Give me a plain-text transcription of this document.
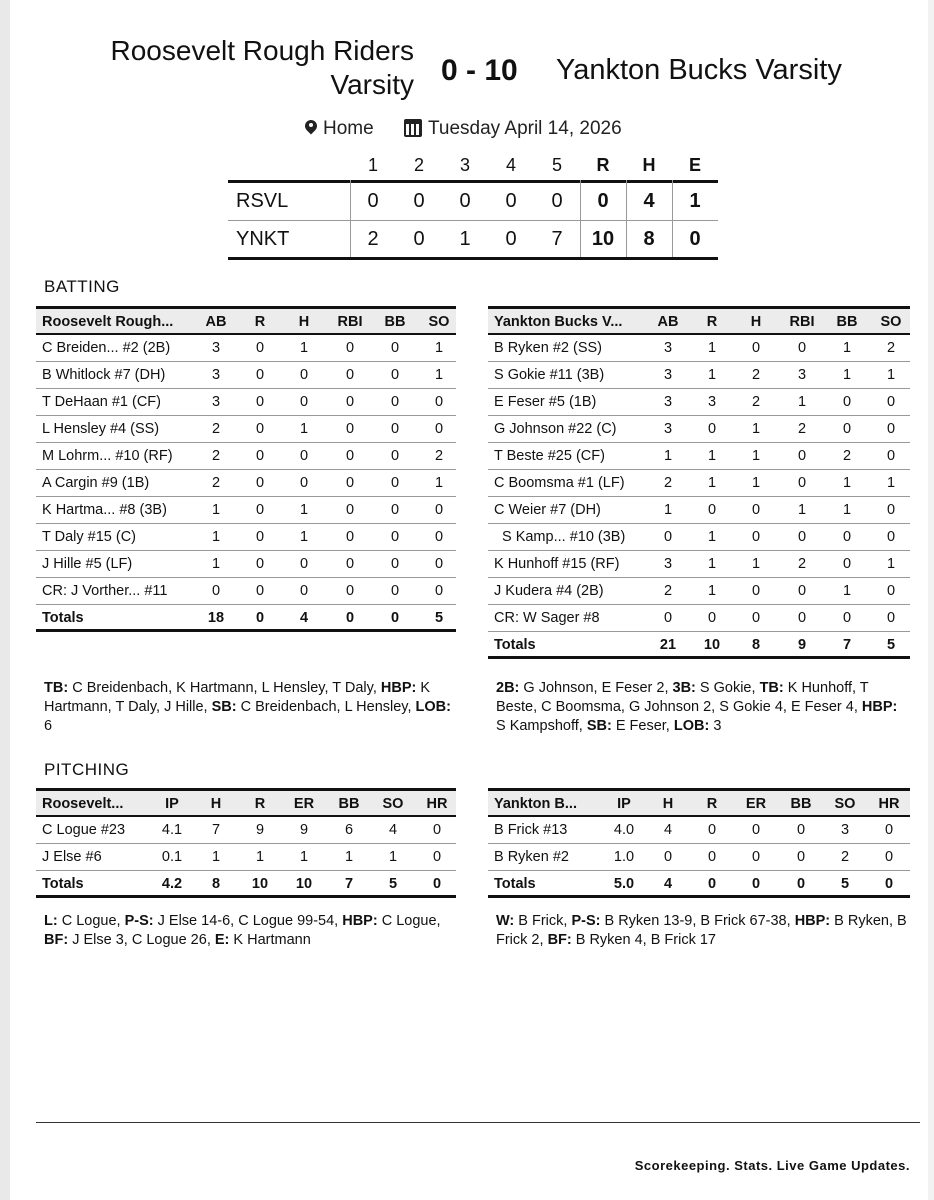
Roosevelt Rough Riders
Varsity 0 - 10 Yankton Bucks Varsity
Home	Tuesday April 14, 2026
1	2	3	4	5	R	H	E
RSVL	0	0	0	0	0	0	4	1
YNKT	2	0	1	0	7	10	8	0
BATTING
Roosevelt Rough...	AB	R	H	RBI	BB	SO
C Breiden... #2 (2B)	3	0	1	0	0	1
B Whitlock #7 (DH)	3	0	0	0	0	1
T DeHaan #1 (CF)	3	0	0	0	0	0
L Hensley #4 (SS)	2	0	1	0	0	0
M Lohrm... #10 (RF)	2	0	0	0	0	2
A Cargin #9 (1B)	2	0	0	0	0	1
K Hartma... #8 (3B)	1	0	1	0	0	0
T Daly #15 (C)	1	0	1	0	0	0
J Hille #5 (LF)	1	0	0	0	0	0
CR: J Vorther... #11	0	0	0	0	0	0
Totals	18	0	4	0	0	5
Yankton Bucks V...	AB	R	H	RBI	BB	SO
B Ryken #2 (SS)	3	1	0	0	1	2
S Gokie #11 (3B)	3	1	2	3	1	1
E Feser #5 (1B)	3	3	2	1	0	0
G Johnson #22 (C)	3	0	1	2	0	0
T Beste #25 (CF)	1	1	1	0	2	0
C Boomsma #1 (LF)	2	1	1	0	1	1
C Weier #7 (DH)	1	0	0	1	1	0
S Kamp... #10 (3B)	0	1	0	0	0	0
K Hunhoff #15 (RF)	3	1	1	2	0	1
J Kudera #4 (2B)	2	1	0	0	1	0
CR: W Sager #8	0	0	0	0	0	0
Totals	21	10	8	9	7	5
TB: C Breidenbach, K Hartmann, L Hensley, T Daly, HBP: K Hartmann, T Daly, J Hille, SB: C Breidenbach, L Hensley, LOB: 6
2B: G Johnson, E Feser 2, 3B: S Gokie, TB: K Hunhoff, T Beste, C Boomsma, G Johnson 2, S Gokie 4, E Feser 4, HBP: S Kampshoff, SB: E Feser, LOB: 3
PITCHING
Roosevelt...	IP	H	R	ER	BB	SO	HR
C Logue #23	4.1	7	9	9	6	4	0
J Else #6	0.1	1	1	1	1	1	0
Totals	4.2	8	10	10	7	5	0
Yankton B...	IP	H	R	ER	BB	SO	HR
B Frick #13	4.0	4	0	0	0	3	0
B Ryken #2	1.0	0	0	0	0	2	0
Totals	5.0	4	0	0	0	5	0
L: C Logue, P-S: J Else 14-6, C Logue 99-54, HBP: C Logue, BF: J Else 3, C Logue 26, E: K Hartmann
W: B Frick, P-S: B Ryken 13-9, B Frick 67-38, HBP: B Ryken, B Frick 2, BF: B Ryken 4, B Frick 17
Scorekeeping. Stats. Live Game Updates.
